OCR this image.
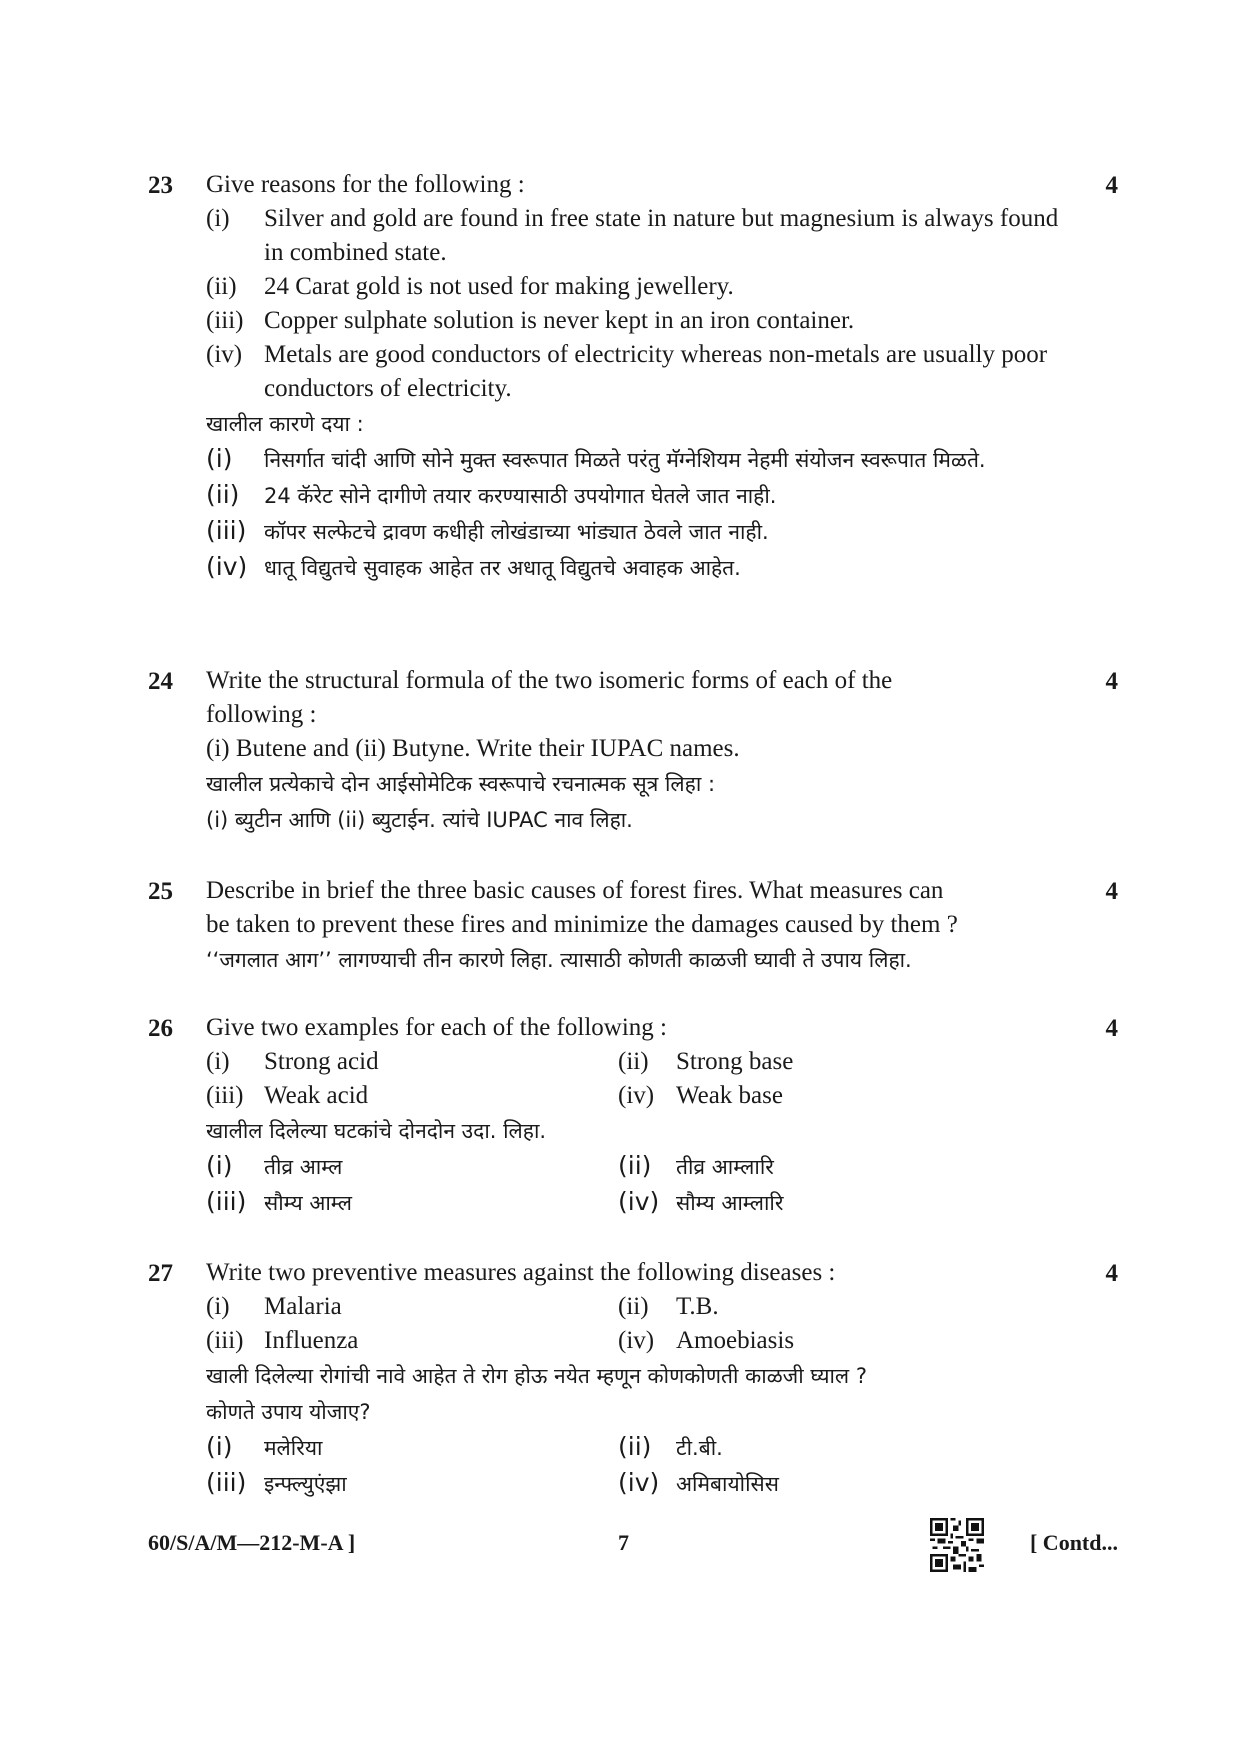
23	4
Give reasons for the following :
(i)	Silver and gold are found in free state in nature but magnesium is always found in combined state.
(ii)	24 Carat gold is not used for making jewellery.
(iii) Copper sulphate solution is never kept in an iron container.
(iv) Metals are good conductors of electricity whereas non-metals are usually poor conductors of electricity.
खालील कारणे दया :
(i)	निसर्गात चांदी आणि सोने मुक्त स्वरूपात मिळते परंतु मॅग्नेशियम नेहमी संयोजन स्वरूपात मिळते.
(ii)	24 कॅरेट सोने दागीणे तयार करण्यासाठी उपयोगात घेतले जात नाही.
(iii) कॉपर सल्फेटचे द्रावण कधीही लोखंडाच्या भांड्यात ठेवले जात नाही.
(iv) धातू विद्युतचे सुवाहक आहेत तर अधातू विद्युतचे अवाहक आहेत.
24	4
Write the structural formula of the two isomeric forms of each of the
following :
(i) Butene and (ii) Butyne. Write their IUPAC names.
खालील प्रत्येकाचे दोन आईसोमेटिक स्वरूपाचे रचनात्मक सूत्र लिहा :
(i) ब्युटीन आणि (ii) ब्युटाईन. त्यांचे IUPAC नाव लिहा.
25	4
Describe in brief the three basic causes of forest fires. What measures can
be taken to prevent these fires and minimize the damages caused by them ?
‘‘जगलात आग’’ लागण्याची तीन कारणे लिहा. त्यासाठी कोणती काळजी घ्यावी ते उपाय लिहा.
26	4
Give two examples for each of the following :
(i)	Strong acid	(ii)	Strong base
(iii) Weak acid	(iv) Weak base
खालील दिलेल्या घटकांचे दोनदोन उदा. लिहा.
(i)	तीव्र आम्ल	(ii)	तीव्र आम्लारि
(iii) सौम्य आम्ल	(iv) सौम्य आम्लारि
27	4
Write two preventive measures against the following diseases :
(i)	Malaria	(ii)	T.B.
(iii) Influenza	(iv) Amoebiasis
खाली दिलेल्या रोगांची नावे आहेत ते रोग होऊ नयेत म्हणून कोणकोणती काळजी घ्याल ?
कोणते उपाय योजाए?
(i)	मलेरिया	(ii)	टी.बी.
(iii) इन्फ्ल्युएंझा	(iv) अमिबायोसिस
60/S/A/M—212-M-A ]	7	[ Contd...
